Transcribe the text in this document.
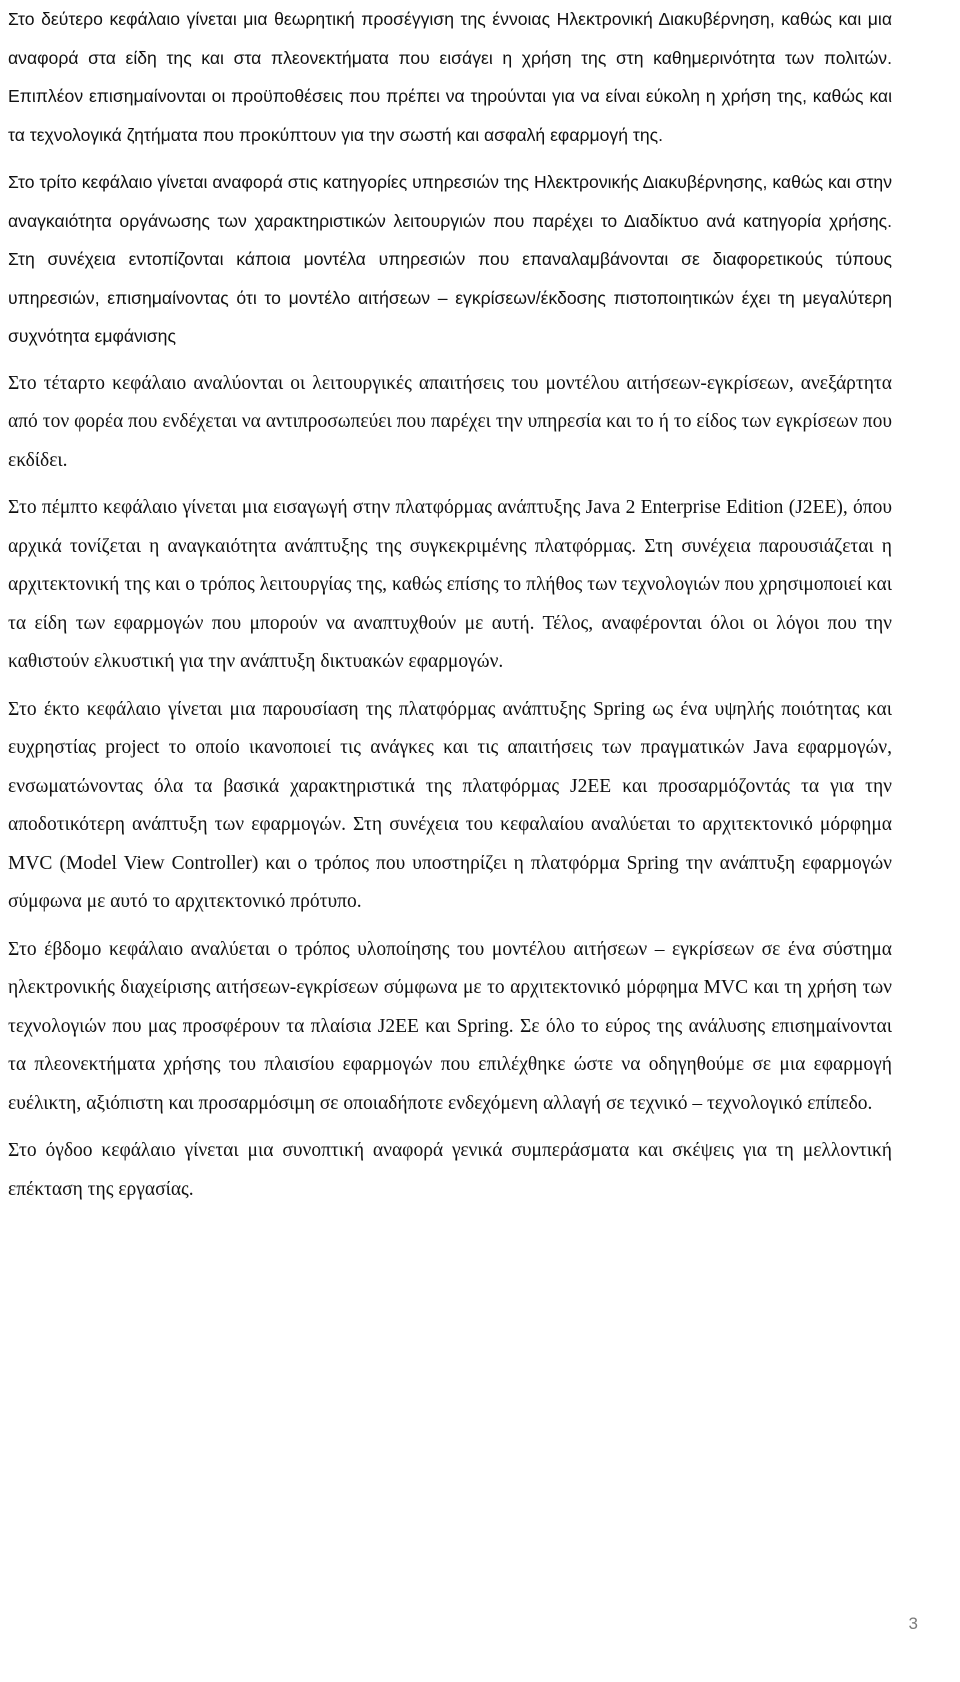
Στο δεύτερο κεφάλαιο γίνεται μια θεωρητική προσέγγιση της έννοιας Ηλεκτρονική Διακυβέρνηση, καθώς και μια αναφορά στα είδη της και στα πλεονεκτήματα που εισάγει η χρήση της στη καθημερινότητα των πολιτών. Επιπλέον επισημαίνονται οι προϋποθέσεις που πρέπει να τηρούνται για να είναι εύκολη η χρήση της, καθώς και τα τεχνολογικά ζητήματα που προκύπτουν για την σωστή και ασφαλή εφαρμογή της.

Στο τρίτο κεφάλαιο γίνεται αναφορά στις κατηγορίες υπηρεσιών της Ηλεκτρονικής Διακυβέρνησης, καθώς και στην αναγκαιότητα οργάνωσης των χαρακτηριστικών λειτουργιών που παρέχει το Διαδίκτυο ανά κατηγορία χρήσης. Στη συνέχεια εντοπίζονται κάποια μοντέλα υπηρεσιών που επαναλαμβάνονται σε διαφορετικούς τύπους υπηρεσιών, επισημαίνοντας ότι το μοντέλο αιτήσεων – εγκρίσεων/έκδοσης πιστοποιητικών έχει τη μεγαλύτερη συχνότητα εμφάνισης

Στο τέταρτο κεφάλαιο αναλύονται οι λειτουργικές απαιτήσεις του μοντέλου αιτήσεων-εγκρίσεων, ανεξάρτητα από τον φορέα που ενδέχεται να αντιπροσωπεύει που παρέχει την υπηρεσία και το ή το είδος των εγκρίσεων που εκδίδει.

Στο πέμπτο κεφάλαιο γίνεται μια εισαγωγή στην πλατφόρμας ανάπτυξης Java 2 Enterprise Edition (J2EE), όπου αρχικά τονίζεται η αναγκαιότητα ανάπτυξης της συγκεκριμένης πλατφόρμας. Στη συνέχεια παρουσιάζεται η αρχιτεκτονική της και ο τρόπος λειτουργίας της, καθώς επίσης το πλήθος των τεχνολογιών που χρησιμοποιεί και τα είδη των εφαρμογών που μπορούν να αναπτυχθούν με αυτή. Τέλος, αναφέρονται όλοι οι λόγοι που την καθιστούν ελκυστική για την ανάπτυξη δικτυακών εφαρμογών.

Στο έκτο κεφάλαιο γίνεται μια παρουσίαση της πλατφόρμας ανάπτυξης Spring ως ένα υψηλής ποιότητας και ευχρηστίας project το οποίο ικανοποιεί τις ανάγκες και τις απαιτήσεις των πραγματικών Java εφαρμογών, ενσωματώνοντας όλα τα βασικά χαρακτηριστικά της πλατφόρμας J2EE και προσαρμόζοντάς τα για την αποδοτικότερη ανάπτυξη των εφαρμογών. Στη συνέχεια του κεφαλαίου αναλύεται το αρχιτεκτονικό μόρφημα MVC (Model View Controller) και ο τρόπος που υποστηρίζει η πλατφόρμα Spring την ανάπτυξη εφαρμογών σύμφωνα με αυτό το αρχιτεκτονικό πρότυπο.

Στο έβδομο κεφάλαιο αναλύεται ο τρόπος υλοποίησης του μοντέλου αιτήσεων – εγκρίσεων σε ένα σύστημα ηλεκτρονικής διαχείρισης αιτήσεων-εγκρίσεων σύμφωνα με το αρχιτεκτονικό μόρφημα MVC και τη χρήση των τεχνολογιών που μας προσφέρουν τα πλαίσια J2EE και Spring. Σε όλο το εύρος της ανάλυσης επισημαίνονται τα πλεονεκτήματα χρήσης του πλαισίου εφαρμογών που επιλέχθηκε ώστε να οδηγηθούμε σε μια εφαρμογή ευέλικτη, αξιόπιστη και προσαρμόσιμη σε οποιαδήποτε ενδεχόμενη αλλαγή σε τεχνικό – τεχνολογικό επίπεδο.

Στο όγδοο κεφάλαιο γίνεται μια συνοπτική αναφορά γενικά συμπεράσματα και σκέψεις για τη μελλοντική επέκταση της εργασίας.

3
